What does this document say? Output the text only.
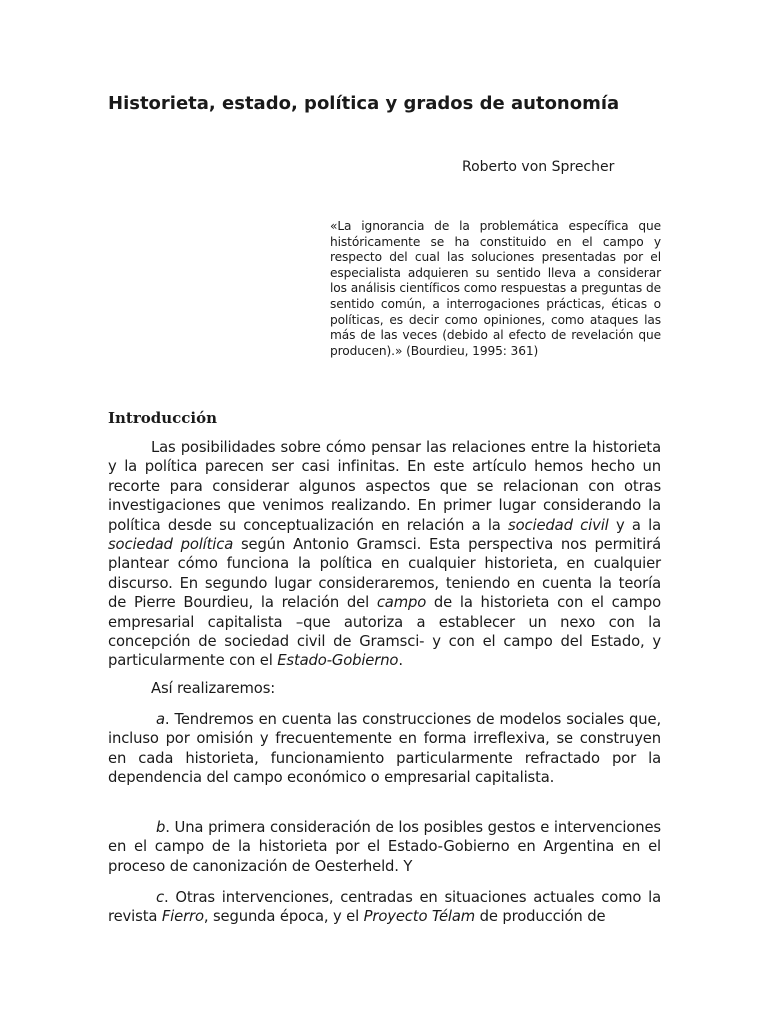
Historieta, estado, política y grados de autonomía
Roberto von Sprecher
«La ignorancia de la problemática específica que históricamente se ha constituido en el campo y respecto del cual las soluciones presentadas por el especialista adquieren su sentido lleva a considerar los análisis científicos como respuestas a preguntas de sentido común, a interrogaciones prácticas, éticas o políticas, es decir como opiniones, como ataques las más de las veces (debido al efecto de revelación que producen).» (Bourdieu, 1995: 361)
Introducción

Las posibilidades sobre cómo pensar las relaciones entre la historieta y la política parecen ser casi infinitas. En este artículo hemos hecho un recorte para considerar algunos aspectos que se relacionan con otras investigaciones que venimos realizando. En primer lugar considerando la política desde su conceptualización en relación a la sociedad civil y a la sociedad política según Antonio Gramsci. Esta perspectiva nos permitirá plantear cómo funciona la política en cualquier historieta, en cualquier discurso. En segundo lugar consideraremos, teniendo en cuenta la teoría de Pierre Bourdieu, la relación del campo de la historieta con el campo empresarial capitalista –que autoriza a establecer un nexo con la concepción de sociedad civil de Gramsci- y con el campo del Estado, y particularmente con el Estado-Gobierno.

Así realizaremos:

a. Tendremos en cuenta las construcciones de modelos sociales que, incluso por omisión y frecuentemente en forma irreflexiva, se construyen en cada historieta, funcionamiento particularmente refractado por la dependencia del campo económico o empresarial capitalista.

b. Una primera consideración de los posibles gestos e intervenciones en el campo de la historieta por el Estado-Gobierno en Argentina en el proceso de canonización de Oesterheld. Y

c. Otras intervenciones, centradas en situaciones actuales como la revista Fierro, segunda época, y el Proyecto Télam de producción de
